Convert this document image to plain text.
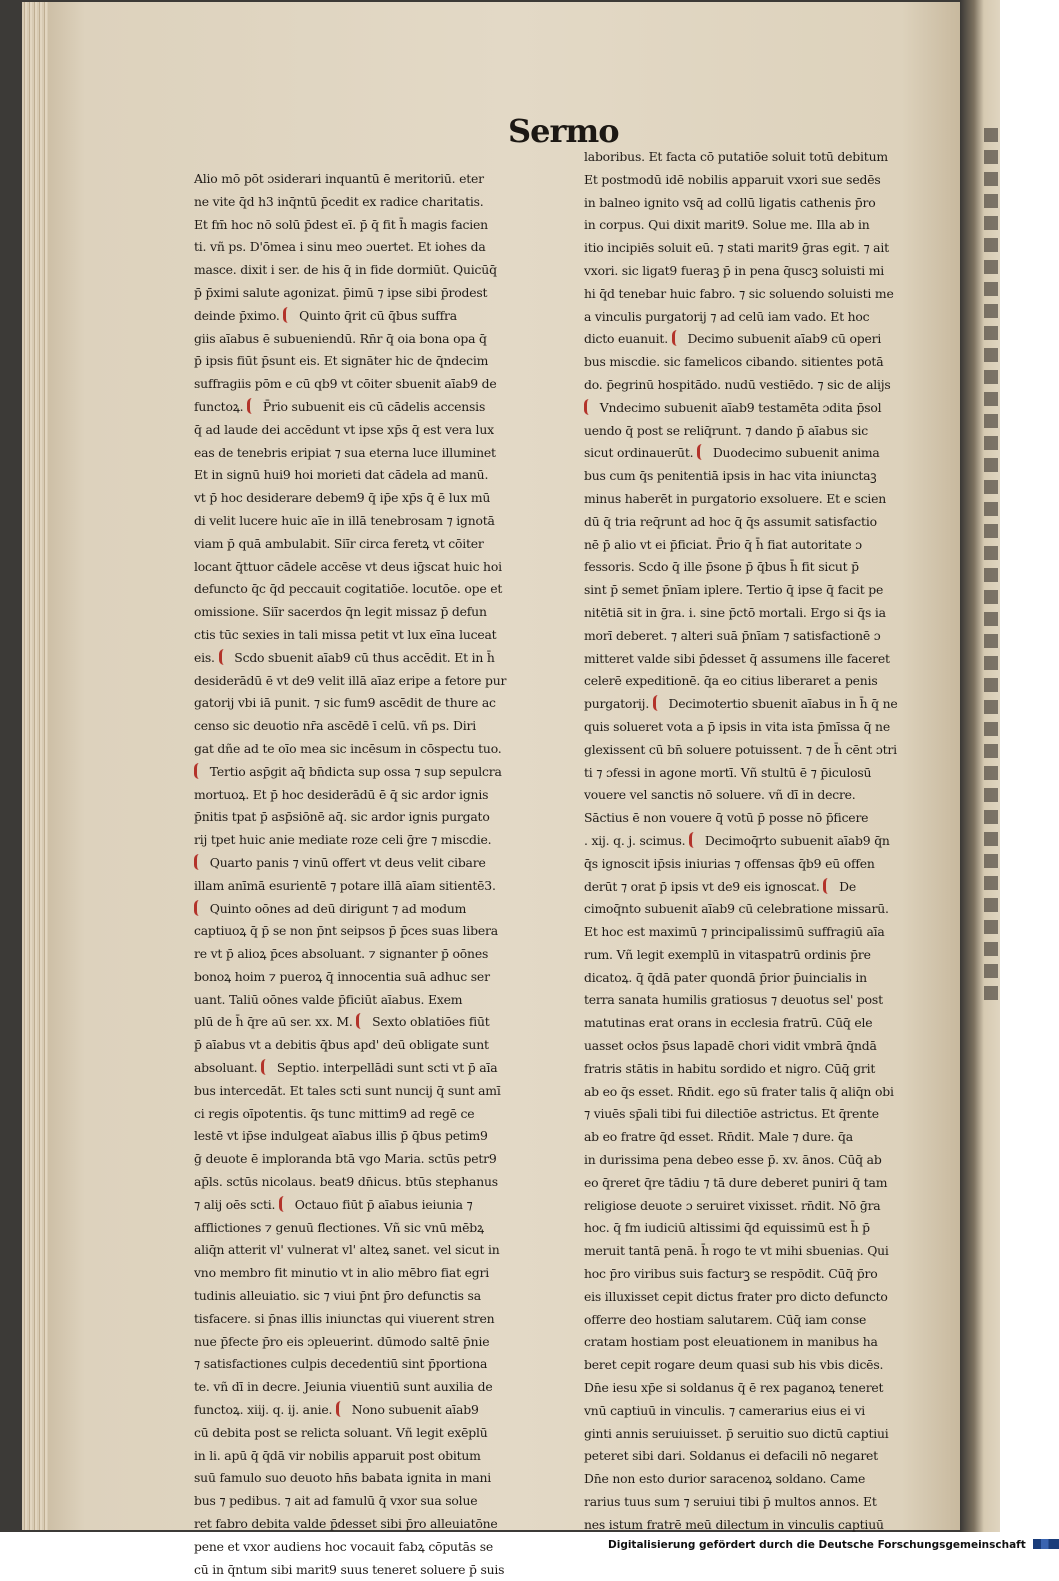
Sermo

Alio mō pōt ɔsiderari inquantū ē meritoriū. eter

ne vite q̄d h3 inq̄ntū p̄cedit ex radice charitatis.

Et fm̄ hoc nō solū p̄dest eī. p̄ q̄ fit h̄ magis facien

ti. vñ ps. D'ōmea i sinu meo ɔuertet. Et iohes da

masce. dixit i ser. de his q̄ in fide dormiūt. Quicūq̄

p̄ p̄ximi salute agonizat. p̄imū ⁊ ipse sibi p̄rodest

deinde p̄ximo.  Quinto q̄rit cū q̄bus suffra

giis aīabus ē subueniendū. Rn̄r q̄ oia bona opa q̄

p̄ ipsis fiūt p̄sunt eis. Et signāter hic de q̄ndecim

suffragiis pōm e cū qb9 vt cōiter sbuenit aīab9 de

functoꝝ.  P̄rio subuenit eis cū cādelis accensis

q̄ ad laude dei accēdunt vt ipse xp̄s q̄ est vera lux

eas de tenebris eripiat ⁊ sua eterna luce illuminet

Et in signū hui9 hoi morieti dat cādela ad manū.

vt p̄ hoc desiderare debem9 q̄ ip̄e xp̄s q̄ ē lux mū

di velit lucere huic aīe in illā tenebrosam ⁊ ignotā

viam p̄ quā ambulabit. Siīr circa feretꝝ vt cōiter

locant q̄ttuor cādele accēse vt deus iḡscat huic hoi

defuncto q̄c q̄d peccauit cogitatiōe. locutōe. ope et

omissione. Siīr sacerdos q̄n legit missaz p̄ defun

ctis tūc sexies in tali missa petit vt lux eīna luceat

eis.  Scdo sbuenit aīab9 cū thus accēdit. Et in h̄

desiderādū ē vt de9 velit illā aīaz eripe a fetore pur

gatorij vbi iā punit. ⁊ sic fum9 ascēdit de thure ac

censo sic deuotio nr̄a ascēdē ī celū. vñ ps. Diri

gat dñe ad te oīo mea sic incēsum in cōspectu tuo.

Tertio asp̄git aq̄ bn̄dicta sup ossa ⁊ sup sepulcra

mortuoꝝ. Et p̄ hoc desiderādū ē q̄ sic ardor ignis

p̄nitis tpat p̄ asp̄siōnē aq̄. sic ardor ignis purgato

rij tpet huic anie mediate roze celi ḡre ⁊ miscdie.

Quarto panis ⁊ vinū offert vt deus velit cibare

illam anīmā esurientē ⁊ potare illā aīam sitientē3.

Quinto oōnes ad deū dirigunt ⁊ ad modum

captiuoꝝ q̄ p̄ se non p̄nt seipsos p̄ p̄ces suas libera

re vt p̄ alioꝝ p̄ces absoluant. ⁊ signanter p̄ oōnes

bonoꝝ hoim ⁊ pueroꝝ q̄ innocentia suā adhuc ser

uant. Taliū oōnes valde p̄ficiūt aīabus. Exem

plū de h̄ q̄re aū ser. xx. M.  Sexto oblatiōes fiūt

p̄ aīabus vt a debitis q̄bus apd' deū obligate sunt

absoluant.  Septio. interpellādi sunt scti vt p̄ aīa

bus intercedāt. Et tales scti sunt nuncij q̄ sunt amī

ci regis oīpotentis. q̄s tunc mittim9 ad regē ce

lestē vt ip̄se indulgeat aīabus illis p̄ q̄bus petim9

ḡ deuote ē imploranda btā vgo Maria. sctūs petr9

ap̄ls. sctūs nicolaus. beat9 dn̄icus. btūs stephanus

⁊ alij oēs scti.  Octauo fiūt p̄ aīabus ieiunia ⁊

afflictiones ⁊ genuū flectiones. Vñ sic vnū mēbꝝ

aliq̄n atterit vl' vulnerat vl' alteꝝ sanet. vel sicut in

vno membro fit minutio vt in alio mēbro fiat egri

tudinis alleuiatio. sic ⁊ viui p̄nt p̄ro defunctis sa

tisfacere. si p̄nas illis iniunctas qui viuerent stren

nue p̄fecte p̄ro eis ɔpleuerint. dūmodo saltē p̄nie

⁊ satisfactiones culpis decedentiū sint p̄portiona

te. vñ dī in decre. Jeiunia viuentiū sunt auxilia de

functoꝝ. xiij. q. ij. anie.  Nono subuenit aīab9

cū debita post se relicta soluant. Vñ legit exēplū

in li. apū q̄ q̄dā vir nobilis apparuit post obitum

suū famulo suo deuoto hn̄s babata ignita in mani

bus ⁊ pedibus. ⁊ ait ad famulū q̄ vxor sua solue

ret fabro debita valde p̄desset sibi p̄ro alleuiatōne

pene et vxor audiens hoc vocauit fabꝝ cōputās se

cū in q̄ntum sibi marit9 suus teneret soluere p̄ suis

laboribus. Et facta cō putatiōe soluit totū debitum

Et postmodū idē nobilis apparuit vxori sue sedēs

in balneo ignito vsq̄ ad collū ligatis cathenis p̄ro

in corpus. Qui dixit marit9. Solue me. Illa ab in

itio incipiēs soluit eū. ⁊ stati marit9 ḡras egit. ⁊ ait

vxori. sic ligat9 fueraꝫ p̄ in pena q̄uscꝫ soluisti mi

hi q̄d tenebar huic fabro. ⁊ sic soluendo soluisti me

a vinculis purgatorij ⁊ ad celū iam vado. Et hoc

dicto euanuit.  Decimo subuenit aīab9 cū operi

bus miscdie. sic famelicos cibando. sitientes potā

do. p̄egrinū hospitādo. nudū vestiēdo. ⁊ sic de alijs

Vndecimo subuenit aīab9 testamēta ɔdita p̄sol

uendo q̄ post se reliq̄runt. ⁊ dando p̄ aīabus sic

sicut ordinauerūt.  Duodecimo subuenit anima

bus cum q̄s penitentiā ipsis in hac vita iniunctaꝫ

minus haberēt in purgatorio exsoluere. Et e scien

dū q̄ tria req̄runt ad hoc q̄ q̄s assumit satisfactio

nē p̄ alio vt ei p̄ficiat. P̄rio q̄ h̄ fiat autoritate ɔ

fessoris. Scdo q̄ ille p̄sone p̄ q̄bus h̄ fit sicut p̄

sint p̄ semet p̄nīam iplere. Tertio q̄ ipse q̄ facit pe

nitētiā sit in ḡra. i. sine p̄ctō mortali. Ergo si q̄s ia

morī deberet. ⁊ alteri suā p̄nīam ⁊ satisfactionē ɔ

mitteret valde sibi p̄desset q̄ assumens ille faceret

celerē expeditionē. q̄a eo citius liberaret a penis

purgatorij.  Decimotertio sbuenit aīabus in h̄ q̄ ne

quis solueret vota a p̄ ipsis in vita ista p̄mīssa q̄ ne

glexissent cū bn̄ soluere potuissent. ⁊ de h̄ cēnt ɔtri

ti ⁊ ɔfessi in agone mortī. Vñ stultū ē ⁊ p̄iculosū

vouere vel sanctis nō soluere. vñ dī in decre.

Sāctius ē non vouere q̄ votū p̄ posse nō p̄ficere

. xij. q. j. scimus.  Decimoq̄rto subuenit aīab9 q̄n

q̄s ignoscit ip̄sis iniurias ⁊ offensas q̄b9 eū offen

derūt ⁊ orat p̄ ipsis vt de9 eis ignoscat.  De

cimoq̄nto subuenit aīab9 cū celebratione missarū.

Et hoc est maximū ⁊ principalissimū suffragiū aīa

rum. Vñ legit exemplū in vitaspatrū ordinis p̄re

dicatoꝝ. q̄ q̄dā pater quondā p̄rior p̄uincialis in

terra sanata humilis gratiosus ⁊ deuotus sel' post

matutinas erat orans in ecclesia fratrū. Cūq̄ ele

uasset ocłos p̄sus lapadē chori vidit vmbrā q̄ndā

fratris stātis in habitu sordido et nigro. Cūq̄ grit

ab eo q̄s esset. Rn̄dit. ego sū frater talis q̄ aliq̄n obi

⁊ viuēs sp̄ali tibi fui dilectiōe astrictus. Et q̄rente

ab eo fratre q̄d esset. Rn̄dit. Male ⁊ dure. q̄a

in durissima pena debeo esse p̄. xv. ānos. Cūq̄ ab

eo q̄reret q̄re tādiu ⁊ tā dure deberet puniri q̄ tam

religiose deuote ɔ seruiret vixisset. rn̄dit. Nō ḡra

hoc. q̄ fm iudiciū altissimi q̄d equissimū est h̄ p̄

meruit tantā penā. h̄ rogo te vt mihi sbuenias. Qui

hoc p̄ro viribus suis facturꝫ se respōdit. Cūq̄ p̄ro

eis illuxisset cepit dictus frater pro dicto defuncto

offerre deo hostiam salutarem. Cūq̄ iam conse

cratam hostiam post eleuationem in manibus ha

beret cepit rogare deum quasi sub his vbis dicēs.

Dn̄e iesu xp̄e si soldanus q̄ ē rex paganoꝝ teneret

vnū captiuū in vinculis. ⁊ camerarius eius ei vi

ginti annis seruiuisset. p̄ seruitio suo dictū captiui

peteret sibi dari. Soldanus ei defacili nō negaret

Dn̄e non esto durior saracenoꝝ soldano. Came

rarius tuus sum ⁊ seruiui tibi p̄ multos annos. Et

nes istum fratrē meū dilectum in vinculis captiuū

Digitalisierung gefördert durch die Deutsche Forschungsgemeinschaft
